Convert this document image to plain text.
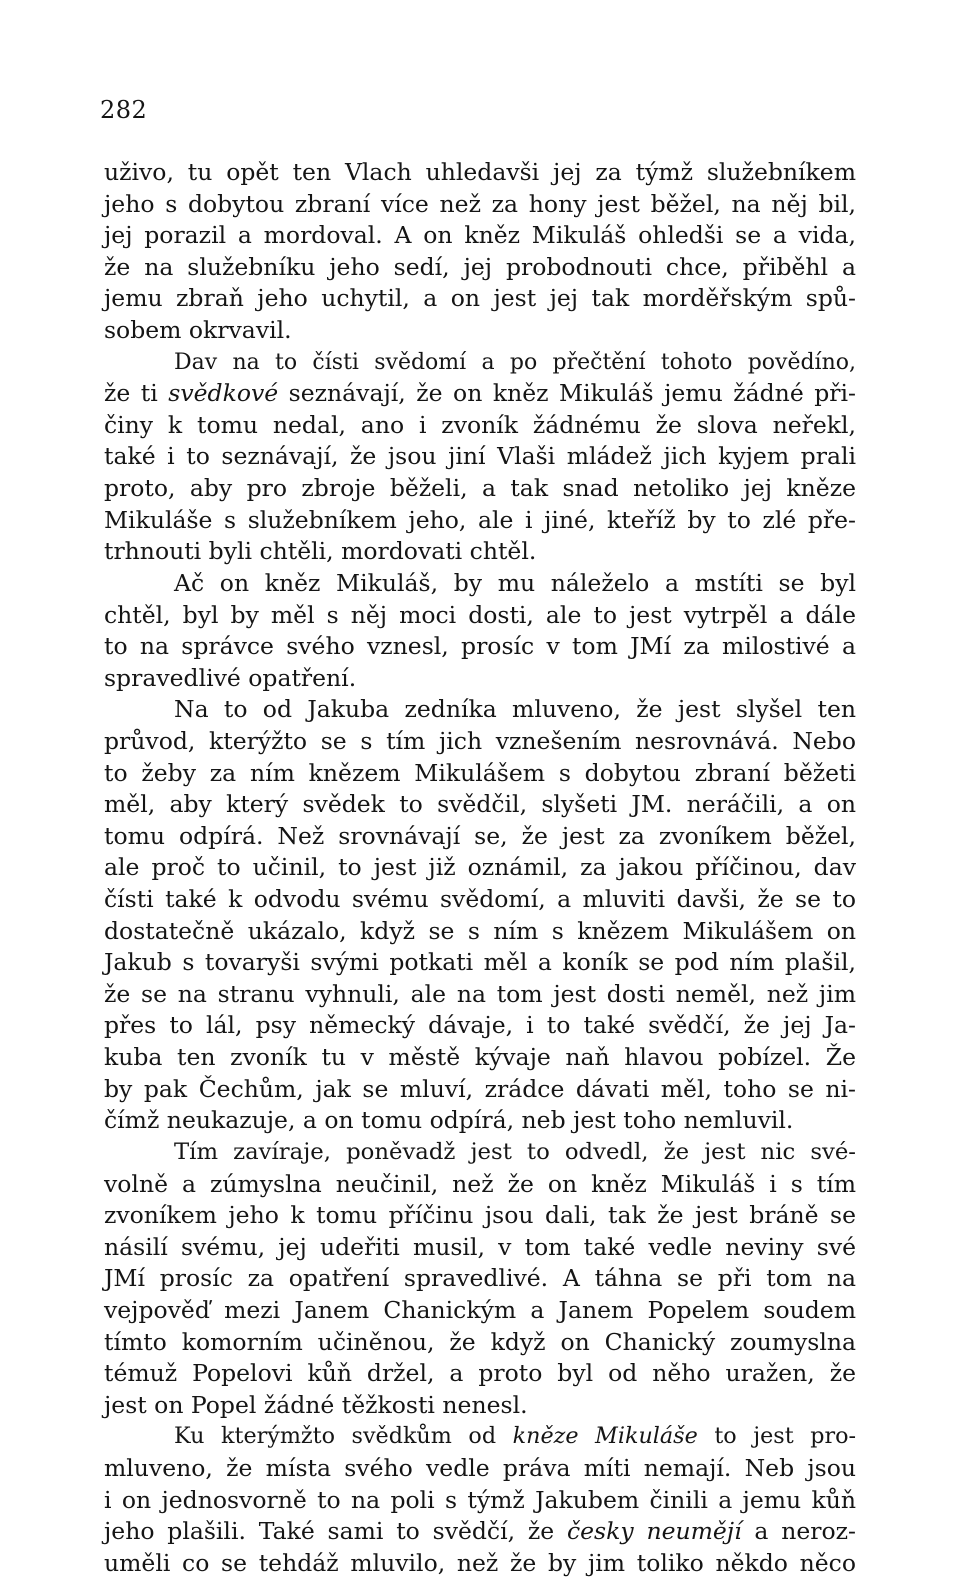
282
uživo, tu opět ten Vlach uhledavši jej za týmž služebníkem
jeho s dobytou zbraní více než za hony jest běžel, na něj bil,
jej porazil a mordoval. A on kněz Mikuláš ohledši se a vida,
že na služebníku jeho sedí, jej probodnouti chce, přiběhl a
jemu zbraň jeho uchytil, a on jest jej tak morděřským spů-
sobem okrvavil.
Dav na to čísti svědomí a po přečtění tohoto povědíno,
že ti svědkové seznávají, že on kněz Mikuláš jemu žádné při-
činy k tomu nedal, ano i zvoník žádnému že slova neřekl,
také i to seznávají, že jsou jiní Vlaši mládež jich kyjem prali
proto, aby pro zbroje běželi, a tak snad netoliko jej kněze
Mikuláše s služebníkem jeho, ale i jiné, kteříž by to zlé pře-
trhnouti byli chtěli, mordovati chtěl.
Ač on kněz Mikuláš, by mu náleželo a mstíti se byl
chtěl, byl by měl s něj moci dosti, ale to jest vytrpěl a dále
to na správce svého vznesl, prosíc v tom JMí za milostivé a
spravedlivé opatření.
Na to od Jakuba zedníka mluveno, že jest slyšel ten
průvod, kterýžto se s tím jich vznešením nesrovnává. Nebo
to žeby za ním knězem Mikulášem s dobytou zbraní běžeti
měl, aby který svědek to svědčil, slyšeti JM. neráčili, a on
tomu odpírá. Než srovnávají se, že jest za zvoníkem běžel,
ale proč to učinil, to jest již oznámil, za jakou příčinou, dav
čísti také k odvodu svému svědomí, a mluviti davši, že se to
dostatečně ukázalo, když se s ním s knězem Mikulášem on
Jakub s tovaryši svými potkati měl a koník se pod ním plašil,
že se na stranu vyhnuli, ale na tom jest dosti neměl, než jim
přes to lál, psy německý dávaje, i to také svědčí, že jej Ja-
kuba ten zvoník tu v městě kývaje naň hlavou pobízel. Že
by pak Čechům, jak se mluví, zrádce dávati měl, toho se ni-
čímž neukazuje, a on tomu odpírá, neb jest toho nemluvil.
Tím zavíraje, poněvadž jest to odvedl, že jest nic své-
volně a zúmyslna neučinil, než že on kněz Mikuláš i s tím
zvoníkem jeho k tomu příčinu jsou dali, tak že jest bráně se
násilí svému, jej udeřiti musil, v tom také vedle neviny své
JMí prosíc za opatření spravedlivé. A táhna se při tom na
vejpověď mezi Janem Chanickým a Janem Popelem soudem
tímto komorním učiněnou, že když on Chanický zoumyslna
témuž Popelovi kůň držel, a proto byl od něho uražen, že
jest on Popel žádné těžkosti nenesl.
Ku kterýmžto svědkům od kněze Mikuláše to jest pro-
mluveno, že místa svého vedle práva míti nemají. Neb jsou
i on jednosvorně to na poli s týmž Jakubem činili a jemu kůň
jeho plašili. Také sami to svědčí, že česky neumějí a neroz-
uměli co se tehdáž mluvilo, než že by jim toliko někdo něco
